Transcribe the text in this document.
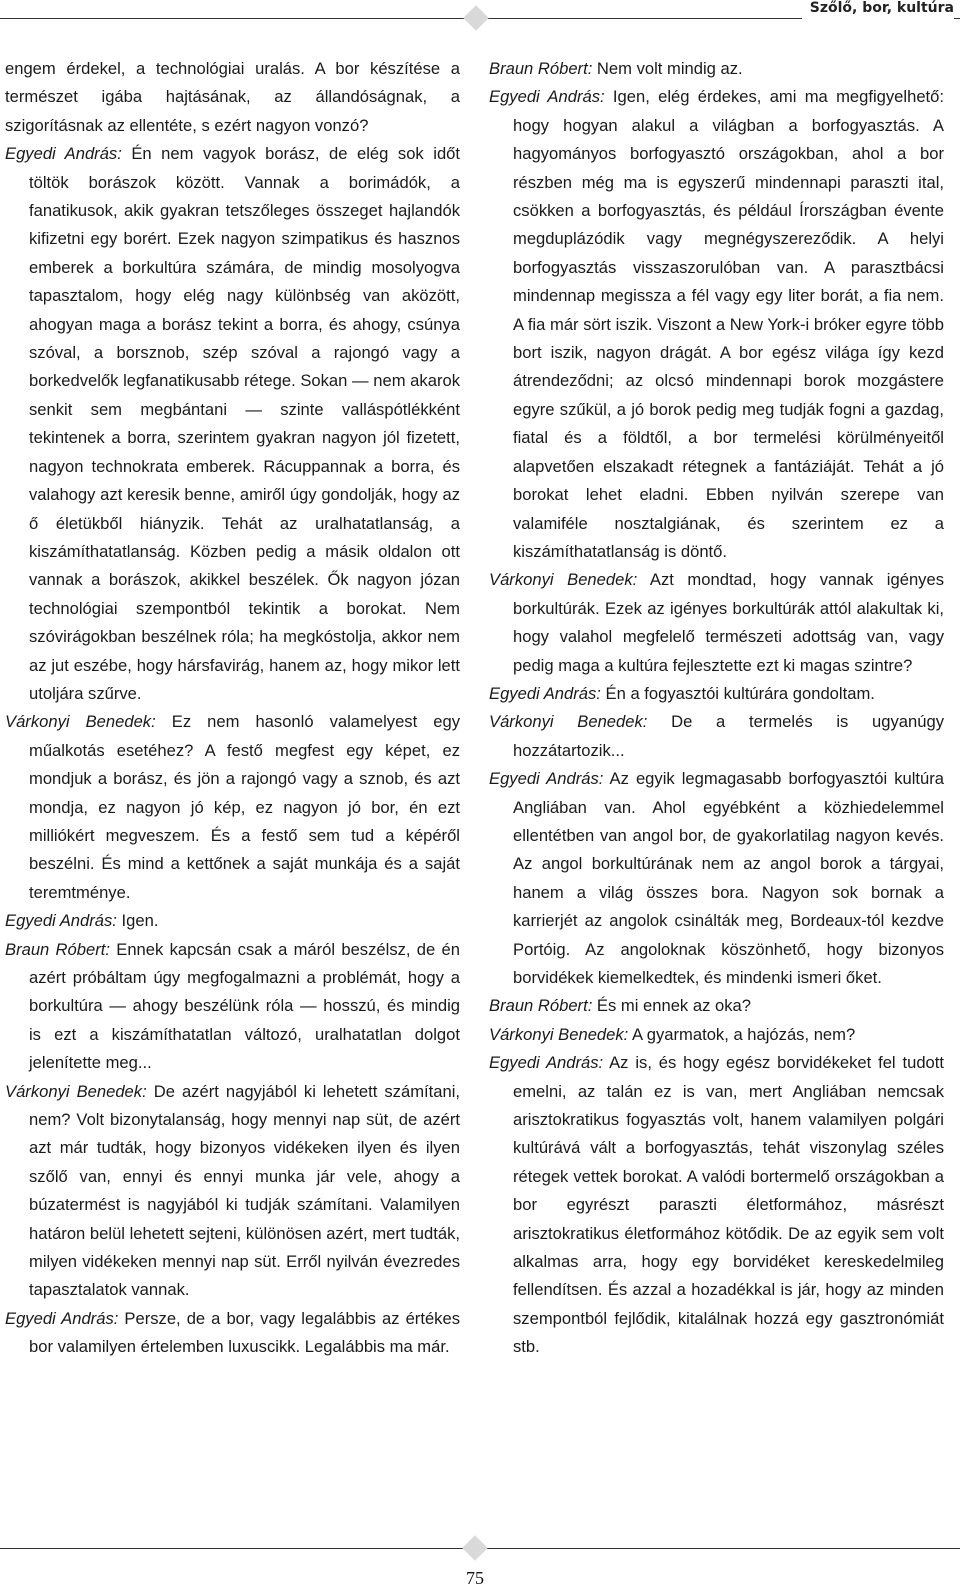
Szőlő, bor, kultúra

engem érdekel, a technológiai uralás. A bor készítése a természet igába hajtásának, az állandóságnak, a szigorításnak az ellentéte, s ezért nagyon vonzó?

Egyedi András: Én nem vagyok borász, de elég sok időt töltök borászok között. Vannak a borimádók, a fanatikusok, akik gyakran tetszőleges összeget hajlandók kifizetni egy borért. Ezek nagyon szimpatikus és hasznos emberek a borkultúra számára, de mindig mosolyogva tapasztalom, hogy elég nagy különbség van aközött, ahogyan maga a borász tekint a borra, és ahogy, csúnya szóval, a borsznob, szép szóval a rajongó vagy a borkedvelők legfanatikusabb rétege. Sokan — nem akarok senkit sem megbántani — szinte valláspótlékként tekintenek a borra, szerintem gyakran nagyon jól fizetett, nagyon technokrata emberek. Rácuppannak a borra, és valahogy azt keresik benne, amiről úgy gondolják, hogy az ő életükből hiányzik. Tehát az uralhatatlanság, a kiszámíthatatlanság. Közben pedig a másik oldalon ott vannak a borászok, akikkel beszélek. Ők nagyon józan technológiai szempontból tekintik a borokat. Nem szóvirágokban beszélnek róla; ha megkóstolja, akkor nem az jut eszébe, hogy hársfavirág, hanem az, hogy mikor lett utoljára szűrve.

Várkonyi Benedek: Ez nem hasonló valamelyest egy műalkotás esetéhez? A festő megfest egy képet, ez mondjuk a borász, és jön a rajongó vagy a sznob, és azt mondja, ez nagyon jó kép, ez nagyon jó bor, én ezt milliókért megveszem. És a festő sem tud a képéről beszélni. És mind a kettőnek a saját munkája és a saját teremtménye.

Egyedi András: Igen.

Braun Róbert: Ennek kapcsán csak a máról beszélsz, de én azért próbáltam úgy megfogalmazni a problémát, hogy a borkultúra — ahogy beszélünk róla — hosszú, és mindig is ezt a kiszámíthatatlan változó, uralhatatlan dolgot jelenítette meg...

Várkonyi Benedek: De azért nagyjából ki lehetett számítani, nem? Volt bizonytalanság, hogy mennyi nap süt, de azért azt már tudták, hogy bizonyos vidékeken ilyen és ilyen szőlő van, ennyi és ennyi munka jár vele, ahogy a búzatermést is nagyjából ki tudják számítani. Valamilyen határon belül lehetett sejteni, különösen azért, mert tudták, milyen vidékeken mennyi nap süt. Erről nyilván évezredes tapasztalatok vannak.

Egyedi András: Persze, de a bor, vagy legalábbis az értékes bor valamilyen értelemben luxuscikk. Legalábbis ma már.

Braun Róbert: Nem volt mindig az.

Egyedi András: Igen, elég érdekes, ami ma megfigyelhető: hogy hogyan alakul a világban a borfogyasztás. A hagyományos borfogyasztó országokban, ahol a bor részben még ma is egyszerű mindennapi paraszti ital, csökken a borfogyasztás, és például Írországban évente megduplázódik vagy megnégyszereződik. A helyi borfogyasztás visszaszorulóban van. A parasztbácsi mindennap megissza a fél vagy egy liter borát, a fia nem. A fia már sört iszik. Viszont a New York-i bróker egyre több bort iszik, nagyon drágát. A bor egész világa így kezd átrendeződni; az olcsó mindennapi borok mozgástere egyre szűkül, a jó borok pedig meg tudják fogni a gazdag, fiatal és a földtől, a bor termelési körülményeitől alapvetően elszakadt rétegnek a fantáziáját. Tehát a jó borokat lehet eladni. Ebben nyilván szerepe van valamiféle nosztalgiának, és szerintem ez a kiszámíthatatlanság is döntő.

Várkonyi Benedek: Azt mondtad, hogy vannak igényes borkultúrák. Ezek az igényes borkultúrák attól alakultak ki, hogy valahol megfelelő természeti adottság van, vagy pedig maga a kultúra fejlesztette ezt ki magas szintre?

Egyedi András: Én a fogyasztói kultúrára gondoltam.

Várkonyi Benedek: De a termelés is ugyanúgy hozzátartozik...

Egyedi András: Az egyik legmagasabb borfogyasztói kultúra Angliában van. Ahol egyébként a közhiedelemmel ellentétben van angol bor, de gyakorlatilag nagyon kevés. Az angol borkultúrának nem az angol borok a tárgyai, hanem a világ összes bora. Nagyon sok bornak a karrierjét az angolok csinálták meg, Bordeaux-tól kezdve Portóig. Az angoloknak köszönhető, hogy bizonyos borvidékek kiemelkedtek, és mindenki ismeri őket.

Braun Róbert: És mi ennek az oka?

Várkonyi Benedek: A gyarmatok, a hajózás, nem?

Egyedi András: Az is, és hogy egész borvidékeket fel tudott emelni, az talán ez is van, mert Angliában nemcsak arisztokratikus fogyasztás volt, hanem valamilyen polgári kultúrává vált a borfogyasztás, tehát viszonylag széles rétegek vettek borokat. A valódi bortermelő országokban a bor egyrészt paraszti életformához, másrészt arisztokratikus életformához kötődik. De az egyik sem volt alkalmas arra, hogy egy borvidéket kereskedelmileg fellendítsen. És azzal a hozadékkal is jár, hogy az minden szempontból fejlődik, kitalálnak hozzá egy gasztronómiát stb.

75
